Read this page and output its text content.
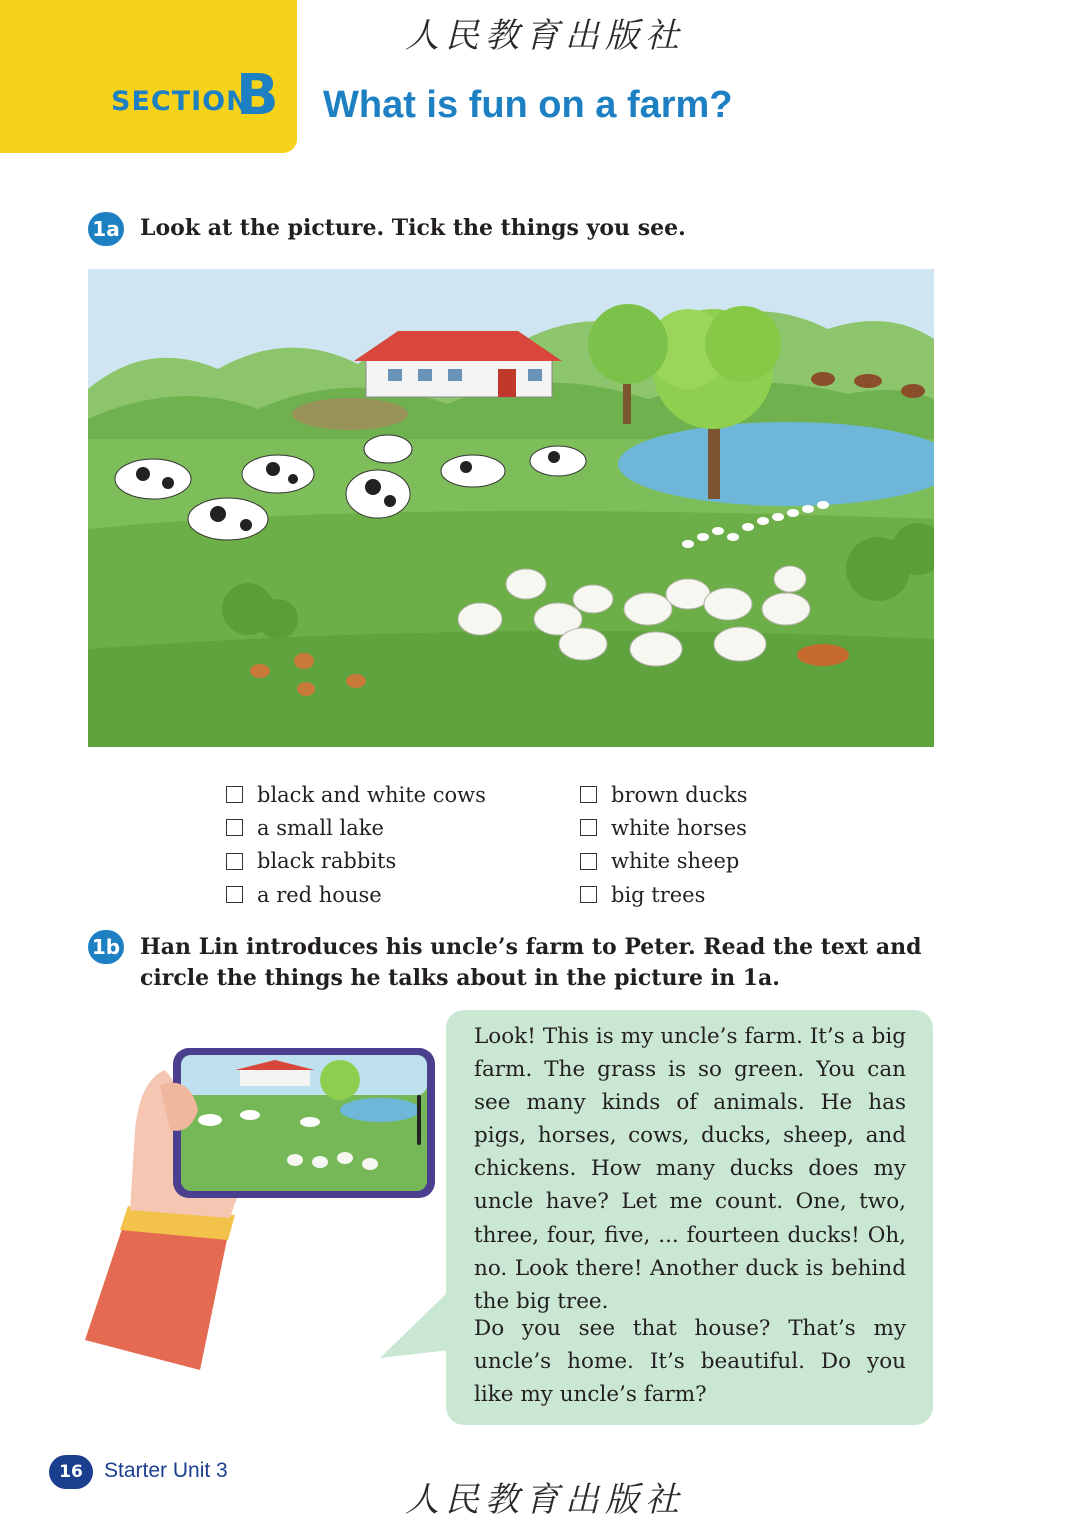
人民教育出版社
SECTION
B What is fun on a farm?
1a Look at the picture. Tick the things you see.
black and white cows
a small lake
black rabbits
a red house
brown ducks
white horses
white sheep
big trees
1b Han Lin introduces his uncle’s farm to Peter. Read the text and circle the things he talks about in the picture in 1a.
Look! This is my uncle’s farm. It’s a big farm. The grass is so green. You can see many kinds of animals. He has pigs, horses, cows, ducks, sheep, and chickens. How many ducks does my uncle have? Let me count. One, two, three, four, five, ... fourteen ducks! Oh, no. Look there! Another duck is behind the big tree.
Do you see that house? That’s my uncle’s home. It’s beautiful. Do you like my uncle’s farm?
16	Starter Unit 3
人民教育出版社
